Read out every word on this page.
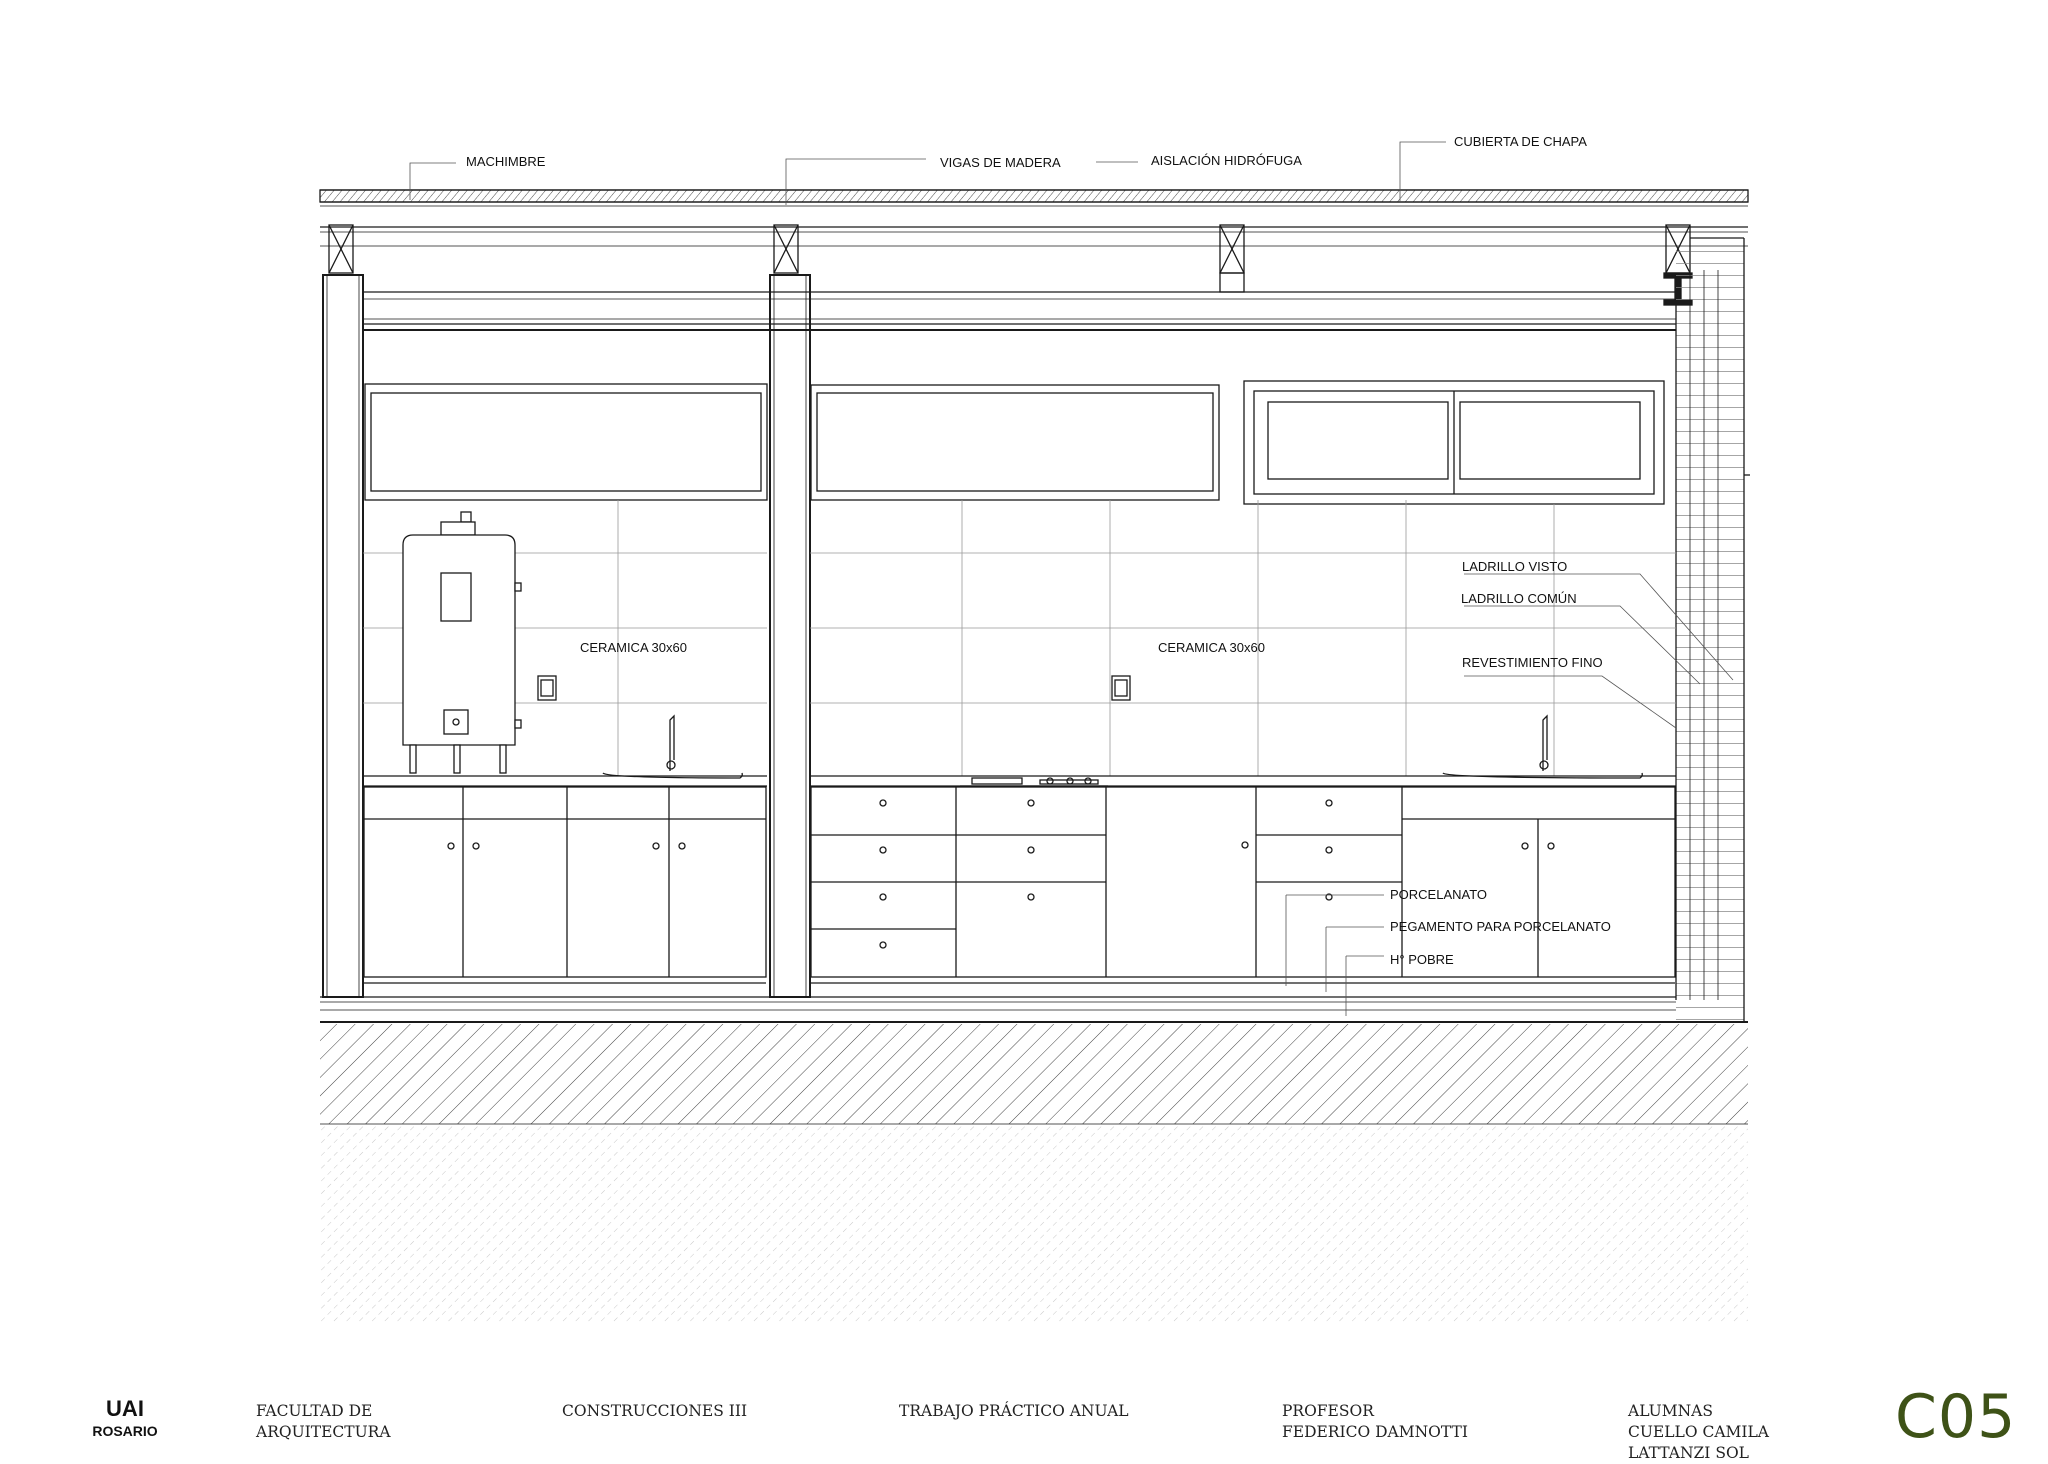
MACHIMBRE	VIGAS DE MADERA	AISLACIÓN HIDRÓFUGA
CUBIERTA DE CHAPA
CERAMICA 30x60	CERAMICA 30x60
LADRILLO VISTO
LADRILLO COMÚN
REVESTIMIENTO FINO
PORCELANATO
PEGAMENTO PARA PORCELANATO
H° POBRE
UAI
ROSARIO
FACULTAD DE
ARQUITECTURA
CONSTRUCCIONES III	TRABAJO PRÁCTICO ANUAL	PROFESOR
FEDERICO DAMNOTTI
ALUMNAS
CUELLO CAMILA
LATTANZI SOL
C05
